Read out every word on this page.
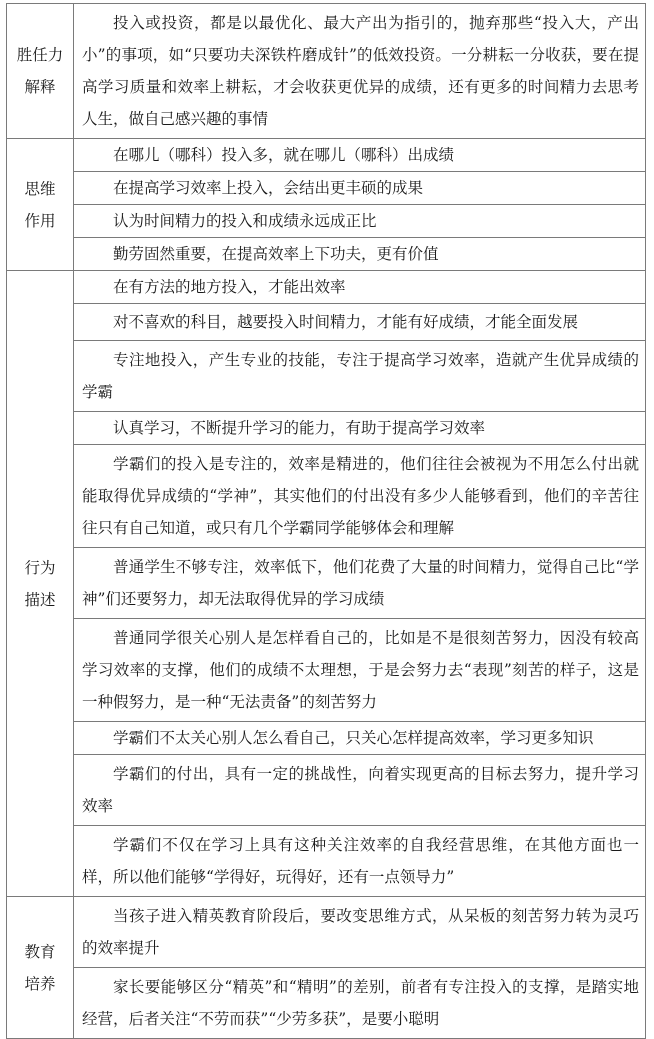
胜任力
解释	投入或投资，都是以最优化、最大产出为指引的，抛弃那些“投入大，产出小”的事项，如“只要功夫深铁杵磨成针”的低效投资。一分耕耘一分收获，要在提高学习质量和效率上耕耘，才会收获更优异的成绩，还有更多的时间精力去思考人生，做自己感兴趣的事情

思维
作用	在哪儿（哪科）投入多，就在哪儿（哪科）出成绩
	在提高学习效率上投入，会结出更丰硕的成果
	认为时间精力的投入和成绩永远成正比
	勤劳固然重要，在提高效率上下功夫，更有价值

行为
描述	在有方法的地方投入，才能出效率
	对不喜欢的科目，越要投入时间精力，才能有好成绩，才能全面发展
	专注地投入，产生专业的技能，专注于提高学习效率，造就产生优异成绩的学霸
	认真学习，不断提升学习的能力，有助于提高学习效率
	学霸们的投入是专注的，效率是精进的，他们往往会被视为不用怎么付出就能取得优异成绩的“学神”，其实他们的付出没有多少人能够看到，他们的辛苦往往只有自己知道，或只有几个学霸同学能够体会和理解
	普通学生不够专注，效率低下，他们花费了大量的时间精力，觉得自己比“学神”们还要努力，却无法取得优异的学习成绩
	普通同学很关心别人是怎样看自己的，比如是不是很刻苦努力，因没有较高学习效率的支撑，他们的成绩不太理想，于是会努力去“表现”刻苦的样子，这是一种假努力，是一种“无法责备”的刻苦努力
	学霸们不太关心别人怎么看自己，只关心怎样提高效率，学习更多知识
	学霸们的付出，具有一定的挑战性，向着实现更高的目标去努力，提升学习效率
	学霸们不仅在学习上具有这种关注效率的自我经营思维，在其他方面也一样，所以他们能够“学得好，玩得好，还有一点领导力”

教育
培养	当孩子进入精英教育阶段后，要改变思维方式，从呆板的刻苦努力转为灵巧的效率提升
	家长要能够区分“精英”和“精明”的差别，前者有专注投入的支撑，是踏实地经营，后者关注“不劳而获”“少劳多获”，是要小聪明
